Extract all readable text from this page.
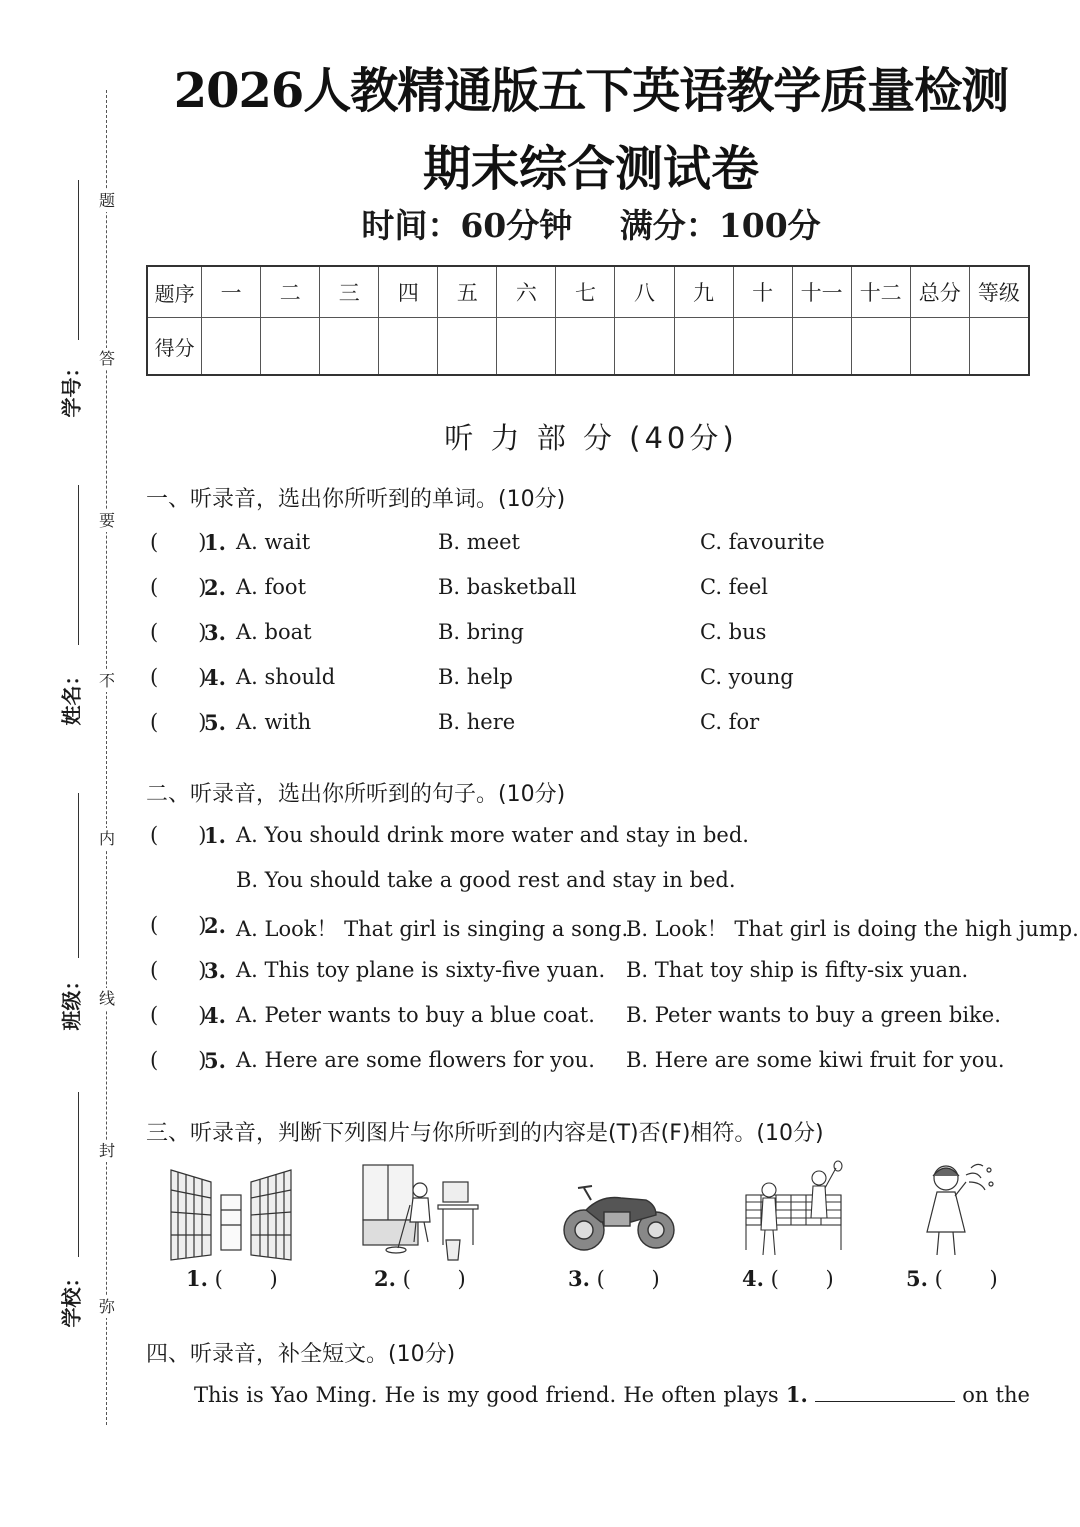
题
答
要
不
内
线
封
弥
学号：
姓名：
班级：
学校：
2026人教精通版五下英语教学质量检测
期末综合测试卷
时间：60分钟 满分：100分
题序	一	二	三	四	五	六	七	八	九	十	十一	十二	总分	等级
得分														
听 力 部 分 (40分)
一、听录音，选出你所听到的单词。(10分)
(      )
1. A. wait	B. meet	C. favourite
(      )
2. A. foot	B. basketball	C. feel
(      )
3. A. boat	B. bring	C. bus
(      )
4. A. should	B. help	C. young
(      )
5. A. with	B. here	C. for
二、听录音，选出你所听到的句子。(10分)
(      )
1. A. You should drink more water and stay in bed.
B. You should take a good rest and stay in bed.
(      )
2. A. Look！ That girl is singing a song.
B. Look！ That girl is doing the high jump.
(      )
3. A. This toy plane is sixty-five yuan. B. That toy ship is fifty-six yuan.
(      )
4. A. Peter wants to buy a blue coat. B. Peter wants to buy a green bike.
(      )
5. A. Here are some flowers for you. B. Here are some kiwi fruit for you.
三、听录音，判断下列图片与你所听到的内容是(T)否(F)相符。(10分)
1. (       )	2. (       )	3. (       )	4. (       )	5. (       )
四、听录音，补全短文。(10分)
This is Yao Ming. He is my good friend. He often plays 1.	on the
